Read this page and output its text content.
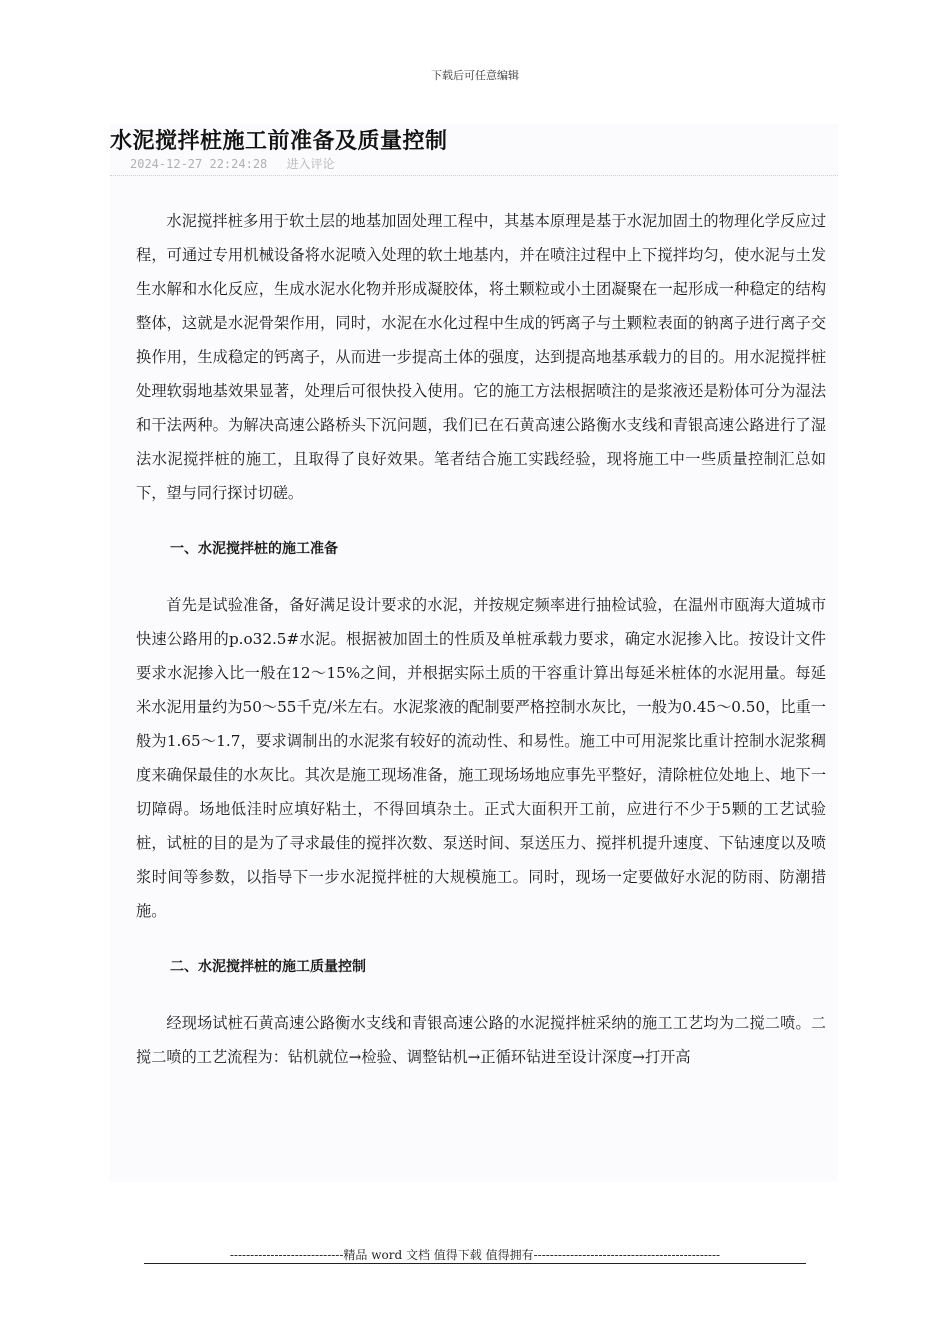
下载后可任意编辑
水泥搅拌桩施工前准备及质量控制
2024-12-27 22:24:28 进入评论

水泥搅拌桩多用于软土层的地基加固处理工程中，其基本原理是基于水泥加固土的物理化学反应过程，可通过专用机械设备将水泥喷入处理的软土地基内，并在喷注过程中上下搅拌均匀，使水泥与土发生水解和水化反应，生成水泥水化物并形成凝胶体，将土颗粒或小土团凝聚在一起形成一种稳定的结构整体，这就是水泥骨架作用，同时，水泥在水化过程中生成的钙离子与土颗粒表面的钠离子进行离子交换作用，生成稳定的钙离子，从而进一步提高土体的强度，达到提高地基承载力的目的。用水泥搅拌桩处理软弱地基效果显著，处理后可很快投入使用。它的施工方法根据喷注的是浆液还是粉体可分为湿法和干法两种。为解决高速公路桥头下沉问题，我们已在石黄高速公路衡水支线和青银高速公路进行了湿法水泥搅拌桩的施工，且取得了良好效果。笔者结合施工实践经验，现将施工中一些质量控制汇总如下，望与同行探讨切磋。

一、水泥搅拌桩的施工准备

首先是试验准备，备好满足设计要求的水泥，并按规定频率进行抽检试验，在温州市瓯海大道城市快速公路用的p.o32.5#水泥。根据被加固土的性质及单桩承载力要求，确定水泥掺入比。按设计文件要求水泥掺入比一般在12～15%之间，并根据实际土质的干容重计算出每延米桩体的水泥用量。每延米水泥用量约为50～55千克/米左右。水泥浆液的配制要严格控制水灰比，一般为0.45～0.50，比重一般为1.65～1.7，要求调制出的水泥浆有较好的流动性、和易性。施工中可用泥浆比重计控制水泥浆稠度来确保最佳的水灰比。其次是施工现场准备，施工现场场地应事先平整好，清除桩位处地上、地下一切障碍。场地低洼时应填好粘土，不得回填杂土。正式大面积开工前，应进行不少于5颗的工艺试验桩，试桩的目的是为了寻求最佳的搅拌次数、泵送时间、泵送压力、搅拌机提升速度、下钻速度以及喷浆时间等参数，以指导下一步水泥搅拌桩的大规模施工。同时，现场一定要做好水泥的防雨、防潮措施。

二、水泥搅拌桩的施工质量控制

经现场试桩石黄高速公路衡水支线和青银高速公路的水泥搅拌桩采纳的施工工艺均为二搅二喷。二搅二喷的工艺流程为：钻机就位→检验、调整钻机→正循环钻进至设计深度→打开高

----------------------------精品 word 文档 值得下载 值得拥有----------------------------------------------
